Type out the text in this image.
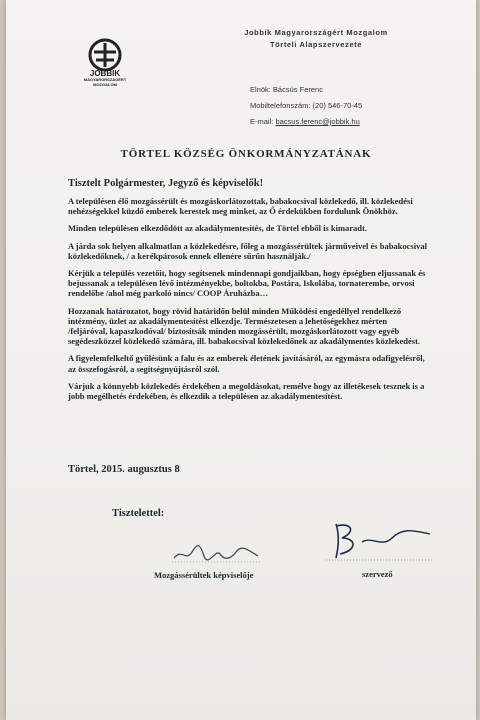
JOBBIK
MAGYARORSZÁGÉRT MOZGALOM
Jobbik Magyarországért Mozgalom
Törteli Alapszervezete
Elnök: Bácsús Ferenc
Mobiltelefonszám: (20) 546-70-45
E-mail: bacsus.ferenc@jobbik.hu
TÖRTEL KÖZSÉG ÖNKORMÁNYZATÁNAK
Tisztelt Polgármester, Jegyző és képviselők!

A településen élő mozgássérült és mozgáskorlátozottak, babakocsival közlekedő, ill. közlekedési nehézségekkel küzdő emberek kerestek meg minket, az Ő érdekükben fordulunk Önökhöz.

Minden településen elkezdődött az akadálymentesítés, de Törtel ebből is kimaradt.

A járda sok helyen alkalmatlan a közlekedésre, főleg a mozgássérültek járműveivel és babakocsival közlekedőknek, / a kerékpárosok ennek ellenére sűrűn használják./

Kérjük a település vezetőit, hogy segítsenek mindennapi gondjaikban, hogy épségben eljussanak és bejussanak a településen lévő intézményekbe, boltokba, Postára, Iskolába, tornaterembe, orvosi rendelőbe /ahol még parkoló nincs/ COOP Áruházba…

Hozzanak határozatot, hogy rövid határidőn belül minden Működési engedéllyel rendelkező intézmény, üzlet az akadálymentesítést elkezdje. Természetesen a lehetőségekhez mérten /feljáróval, kapaszkodóval/ biztosítsák minden mozgássérült, mozgáskorlátozott vagy egyéb segédeszközzel közlekedő számára, ill. babakocsival közlekedőnek az akadálymentes közlekedést.

A figyelemfelkeltő gyűlésünk a falu és az emberek életének javításáról, az egymásra odafigyelésről, az összefogásról, a segítségnyújtásról szól.

Várjuk a könnyebb közlekedés érdekében a megoldásokat, remélve hogy az illetékesek tesznek is a jobb megélhetés érdekében, és elkezdik a településen az akadálymentesítést.

Törtel, 2015. augusztus 8
Tisztelettel:
Mozgássérültek képviselője	szervező
